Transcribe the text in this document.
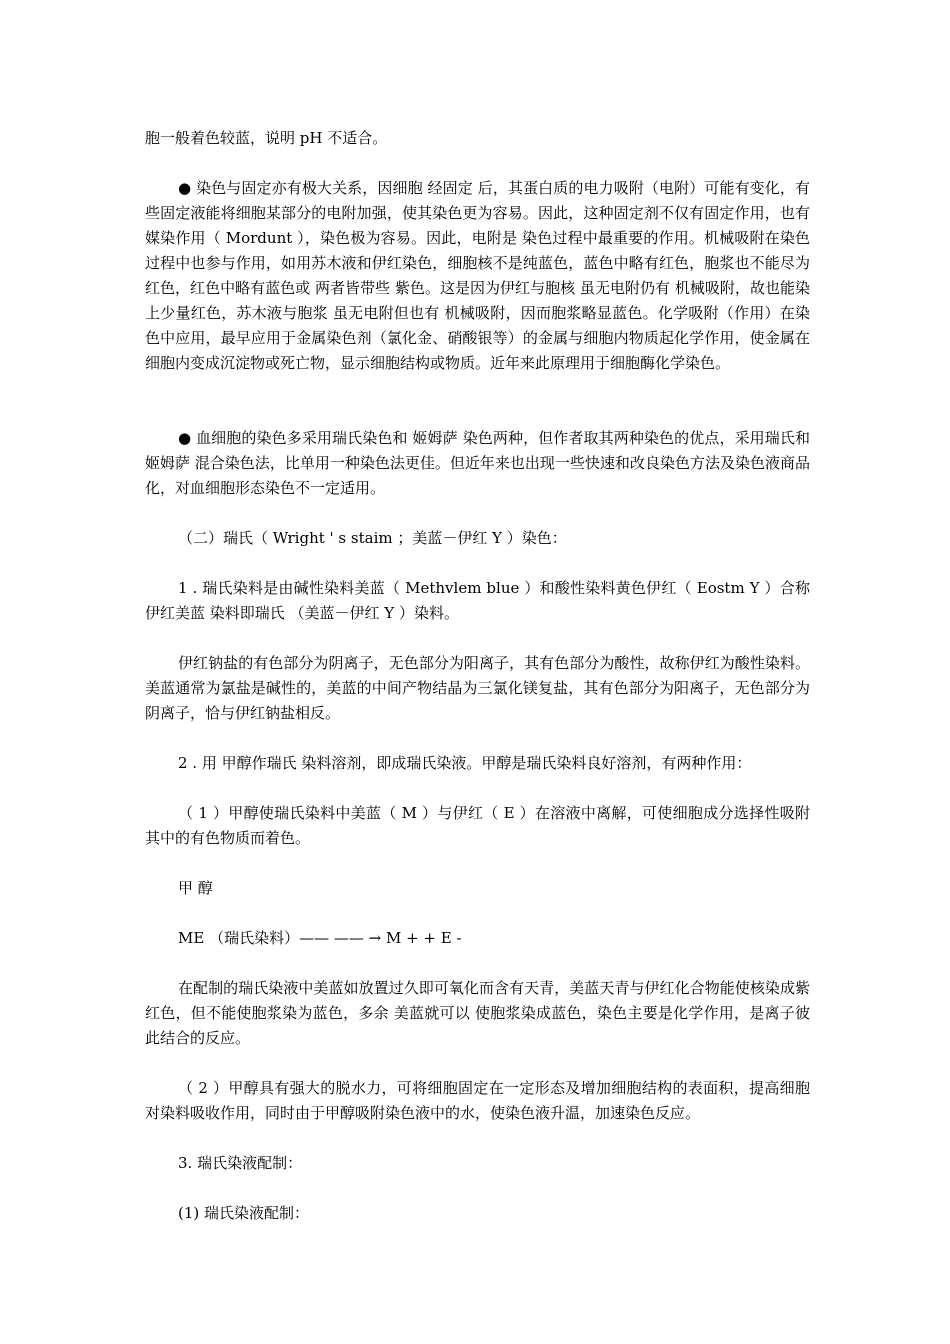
胞一般着色较蓝，说明 pH 不适合。

● 染色与固定亦有极大关系，因细胞 经固定 后，其蛋白质的电力吸附（电附）可能有变化，有些固定液能将细胞某部分的电附加强，使其染色更为容易。因此，这种固定剂不仅有固定作用，也有媒染作用（ Mordunt ），染色极为容易。因此，电附是 染色过程中最重要的作用。机械吸附在染色过程中也参与作用，如用苏木液和伊红染色，细胞核不是纯蓝色，蓝色中略有红色，胞浆也不能尽为红色，红色中略有蓝色或 两者皆带些 紫色。这是因为伊红与胞核 虽无电附仍有 机械吸附，故也能染上少量红色，苏木液与胞浆 虽无电附但也有 机械吸附，因而胞浆略显蓝色。化学吸附（作用）在染色中应用，最早应用于金属染色剂（氯化金、硝酸银等）的金属与细胞内物质起化学作用，使金属在细胞内变成沉淀物或死亡物，显示细胞结构或物质。近年来此原理用于细胞酶化学染色。

● 血细胞的染色多采用瑞氏染色和 姬姆萨 染色两种，但作者取其两种染色的优点，采用瑞氏和 姬姆萨 混合染色法，比单用一种染色法更佳。但近年来也出现一些快速和改良染色方法及染色液商品化，对血细胞形态染色不一定适用。

（二）瑞氏（ Wright ' s staim ；美蓝－伊红 Y ）染色：

1 . 瑞氏染料是由碱性染料美蓝（ Methvlem blue ）和酸性染料黄色伊红（ Eostm Y ）合称伊红美蓝 染料即瑞氏 （美蓝－伊红 Y ）染料。

伊红钠盐的有色部分为阴离子，无色部分为阳离子，其有色部分为酸性，故称伊红为酸性染料。美蓝通常为氯盐是碱性的，美蓝的中间产物结晶为三氯化镁复盐，其有色部分为阳离子，无色部分为阴离子，恰与伊红钠盐相反。

2 . 用 甲醇作瑞氏 染料溶剂，即成瑞氏染液。甲醇是瑞氏染料良好溶剂，有两种作用：

（ 1 ）甲醇使瑞氏染料中美蓝（ M ）与伊红（ E ）在溶液中离解，可使细胞成分选择性吸附其中的有色物质而着色。

甲 醇

ME （瑞氏染料）—— —— → M + + E -

在配制的瑞氏染液中美蓝如放置过久即可氧化而含有天青，美蓝天青与伊红化合物能使核染成紫红色，但不能使胞浆染为蓝色，多余 美蓝就可以 使胞浆染成蓝色，染色主要是化学作用，是离子彼此结合的反应。

（ 2 ）甲醇具有强大的脱水力，可将细胞固定在一定形态及增加细胞结构的表面积，提高细胞对染料吸收作用，同时由于甲醇吸附染色液中的水，使染色液升温，加速染色反应。

3. 瑞氏染液配制：

(1) 瑞氏染液配制：
